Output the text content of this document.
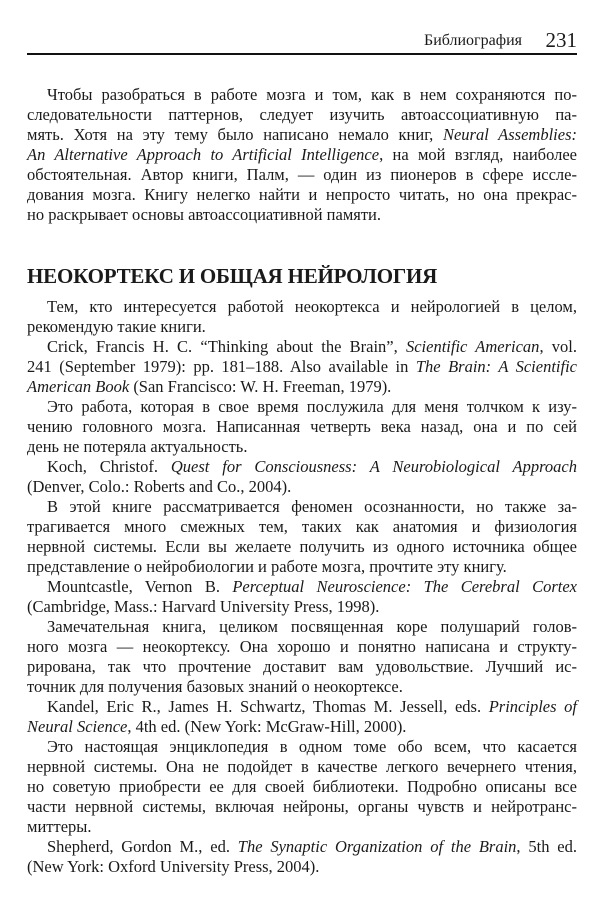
Библиография 231
Чтобы разобраться в работе мозга и том, как в нем сохраняются по-
следовательности паттернов, следует изучить автоассоциативную па-
мять. Хотя на эту тему было написано немало книг, Neural Assemblies:
An Alternative Approach to Artificial Intelligence, на мой взгляд, наиболее
обстоятельная. Автор книги, Палм, — один из пионеров в сфере иссле-
дования мозга. Книгу нелегко найти и непросто читать, но она прекрас-
но раскрывает основы автоассоциативной памяти.
НЕОКОРТЕКС И ОБЩАЯ НЕЙРОЛОГИЯ
Тем, кто интересуется работой неокортекса и нейрологией в целом,
рекомендую такие книги.
Crick, Francis H. C. “Thinking about the Brain”, Scientific American, vol.
241 (September 1979): pp. 181–188. Also available in The Brain: A Scientific
American Book (San Francisco: W. H. Freeman, 1979).
Это работа, которая в свое время послужила для меня толчком к изу-
чению головного мозга. Написанная четверть века назад, она и по сей
день не потеряла актуальность.
Koch, Christof. Quest for Consciousness: A Neurobiological Approach
(Denver, Colo.: Roberts and Co., 2004).
В этой книге рассматривается феномен осознанности, но также за-
трагивается много смежных тем, таких как анатомия и физиология
нервной системы. Если вы желаете получить из одного источника общее
представление о нейробиологии и работе мозга, прочтите эту книгу.
Mountcastle, Vernon B. Perceptual Neuroscience: The Cerebral Cortex
(Cambridge, Mass.: Harvard University Press, 1998).
Замечательная книга, целиком посвященная коре полушарий голов-
ного мозга — неокортексу. Она хорошо и понятно написана и структу-
рирована, так что прочтение доставит вам удовольствие. Лучший ис-
точник для получения базовых знаний о неокортексе.
Kandel, Eric R., James H. Schwartz, Thomas M. Jessell, eds. Principles of
Neural Science, 4th ed. (New York: McGraw-Hill, 2000).
Это настоящая энциклопедия в одном томе обо всем, что касается
нервной системы. Она не подойдет в качестве легкого вечернего чтения,
но советую приобрести ее для своей библиотеки. Подробно описаны все
части нервной системы, включая нейроны, органы чувств и нейротранс-
миттеры.
Shepherd, Gordon M., ed. The Synaptic Organization of the Brain, 5th ed.
(New York: Oxford University Press, 2004).
